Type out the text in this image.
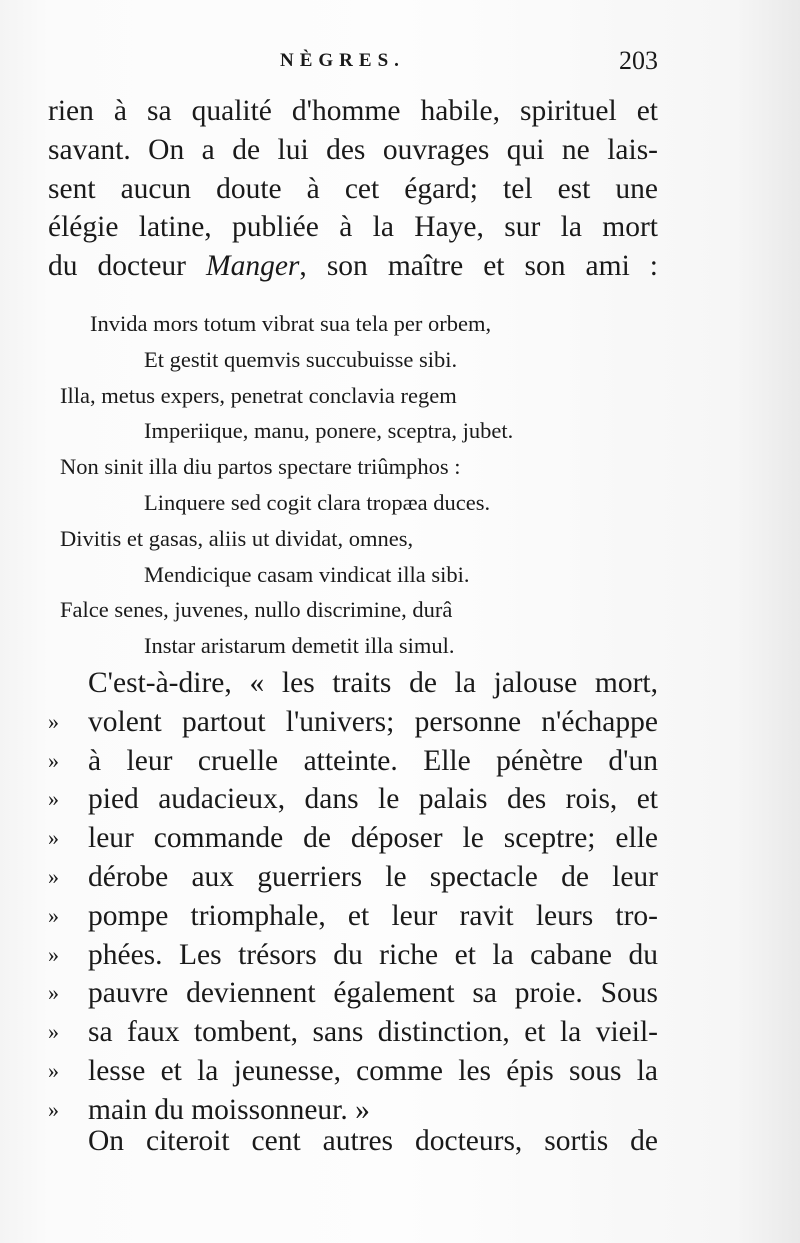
NÈGRES.	203
rien à sa qualité d'homme habile, spirituel et
savant. On a de lui des ouvrages qui ne lais-
sent aucun doute à cet égard; tel est une
élégie latine, publiée à la Haye, sur la mort
du docteur Manger, son maître et son ami :
Invida mors totum vibrat sua tela per orbem,
Et gestit quemvis succubuisse sibi.
Illa, metus expers, penetrat conclavia regem
Imperiique, manu, ponere, sceptra, jubet.
Non sinit illa diu partos spectare triûmphos :
Linquere sed cogit clara tropæa duces.
Divitis et gasas, aliis ut dividat, omnes,
Mendicique casam vindicat illa sibi.
Falce senes, juvenes, nullo discrimine, durâ
Instar aristarum demetit illa simul.
C'est-à-dire, « les traits de la jalouse mort,
» volent partout l'univers; personne n'échappe
» à leur cruelle atteinte. Elle pénètre d'un
» pied audacieux, dans le palais des rois, et
» leur commande de déposer le sceptre; elle
» dérobe aux guerriers le spectacle de leur
» pompe triomphale, et leur ravit leurs tro-
» phées. Les trésors du riche et la cabane du
» pauvre deviennent également sa proie. Sous
» sa faux tombent, sans distinction, et la vieil-
» lesse et la jeunesse, comme les épis sous la
» main du moissonneur. »
On citeroit cent autres docteurs, sortis de
